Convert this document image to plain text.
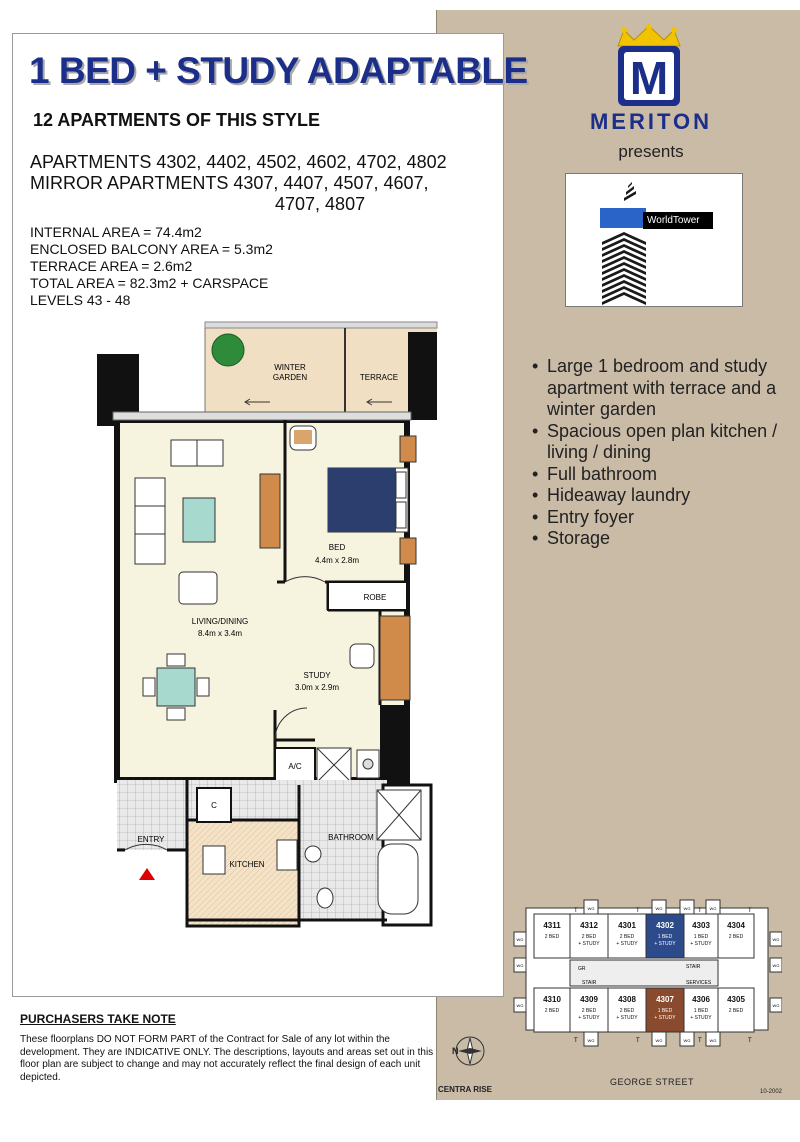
1 BED + STUDY ADAPTABLE
12 APARTMENTS OF THIS STYLE
APARTMENTS 4302, 4402, 4502, 4602, 4702, 4802
MIRROR APARTMENTS 4307, 4407, 4507, 4607,
4707, 4807
INTERNAL AREA = 74.4m2
ENCLOSED BALCONY AREA = 5.3m2
TERRACE AREA = 2.6m2
TOTAL AREA = 82.3m2 + CARSPACE
LEVELS 43 - 48
M
MERITON
presents
WorldTower
• Large 1 bedroom and study apartment with terrace and a winter garden
• Spacious open plan kitchen / living / dining
• Full bathroom
• Hideaway laundry
• Entry foyer
• Storage
WINTER
GARDEN	TERRACE
ROBE
BED
4.4m x 2.8m
LIVING/DINING
8.4m x 3.4m
STUDY
3.0m x 2.9m
A/C
C
ENTRY
KITCHEN
BATHROOM
PURCHASERS TAKE NOTE
These floorplans DO NOT FORM PART of the Contract for Sale of any lot within the development. They are INDICATIVE ONLY. The descriptions, layouts and areas set out in this floor plan are subject to change and may not accurately reflect the final design of each unit depicted.
N
CENTRA RISE
GEORGE STREET
10-2002
4311
2 BED
4312
2 BED
+ STUDY
4301
2 BED
+ STUDY
4302
1 BED
+ STUDY
4303
1 BED
+ STUDY
4304
2 BED
4310
2 BED
4309
2 BED
+ STUDY
4308
2 BED
+ STUDY
4307
1 BED
+ STUDY
4306
1 BED
+ STUDY
4305
2 BED
GR
STAIR
STAIR
SERVICES
WG
WG
WG
WG
WG
WG
WG
WG
WG
WG
WG
WG
WG
WG
T
T
T
T
T
T
T
T
